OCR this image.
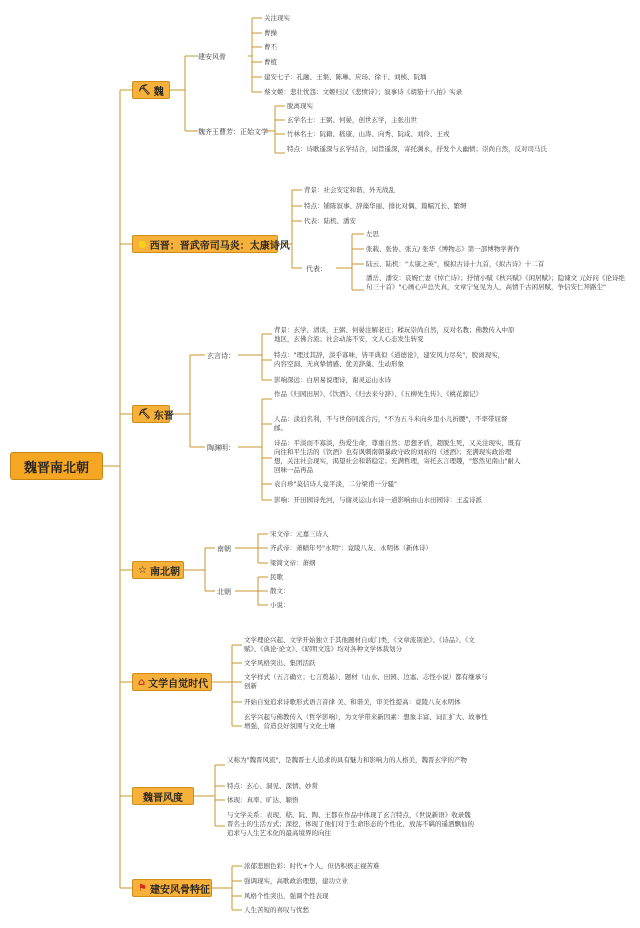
魏晋南北朝
⛏ 魏
建安风骨
关注现实
曹操
曹丕
曹植
建安七子：孔融、王粲、陈琳、应玚、徐干、刘桢、阮瑀
蔡文姬：悲壮忧怨：文姬归汉《悲愤诗》；叙事诗《胡笳十八拍》实录
魏齐王曹芳：正始文学
脱离现实
玄学名士：王弼、何晏，创世玄学，主张出世
竹林名士：阮籍、嵇康、山涛、向秀、阮咸、刘伶、王戎
特点：诗歌遥深与玄学结合，词旨遥深，寄托渊永，抒发个人幽愤；崇尚自然，反对司马氏
● 西晋：晋武帝司马炎：太康诗风
背景：社会安定和谐、外无战乱
特点：铺陈叙事、辞藻华丽、排比对偶、篇幅冗长、繁缛
代表：陆机、潘安
代表：
左思
张载、张协、张亢/ 张华《博物志》第一部博物学著作
陆云、陆机："太康之英"，模拟古诗十九首，《拟古诗》十二首
潘岳、潘安：哀婉亡妻《悼亡诗》；抒情小赋《秋兴赋》《闲居赋》；隐谏文 元好问《论诗绝句三十首》"心画心声总失真，文章宁复见为人，高情千古闲居赋，争信安仁拜路尘"
⛏ 东晋
玄言诗：
背景：玄学、清谈，王弼、何晏注解老庄；糅玩崇尚自然，反对名教；佛教传入中原地区，玄佛合流；社会动荡不安，文人心态发生转变
特点："理过其辞，淡乎寡味，皆平典似《道德论》，建安风力尽矣"，脱离现实，内容空洞、无真挚情感、优美辞藻、生动形象
影响深远：白居易说理诗，谢灵运山水诗
陶渊明：
作品《归园田居》、《饮酒》、《归去来兮辞》、《五柳先生传》、《桃花源记》
人品：淡泊名利，不与世俗同流合污，"不为五斗米向乡里小儿折腰"，不率带屈督邮。
诗品：平淡而不寡淡，热爱生命，尊重自然；思想矛盾，超脱生死，又关注现实，既有向往和平生活的《饮酒》也有讽刺南朝暴政守政的刘裕的《述酒》；充满现实政治理想，关注社会现实，渴望社会和谐稳定；充满哲理，寄托玄言理趣，"悠然见南山"耐人回味一品再品
袁自珍"莫信诗人竟平淡，二分梁甫一分骚"
影响：开田园诗先河，与谢灵运山水诗一道影响由山水田园诗：王孟诗派
☆ 南北朝
南朝
宋文帝：元嘉三诗人
齐武帝：萧赜年号"永明"：竟陵八友、永明体（新体诗）
梁简文帝：萧纲
北朝
民歌
散文：
小说：
⌂ 文学自觉时代
文学理论兴起、文学开始独立于其他题材自成门类，《文章流别论》、《诗品》、《文赋》、《典论·论文》、《昭明文选》均对各种文学体裁划分
文学风格突出、集团活跃
文学样式（五言确立；七言奠基）、题材（山水、田园、边塞、志怪小说）都有继承与创新
开始自觉追求诗歌形式语言音律 美、和谐美，审美性提高：竟陵八友永明体
玄学兴起与佛教传入（哲学影响），为文学带来新因素：想象丰富、词汇扩大、故事性增强、营造良好氛围与文化土壤
魏晋风度
又称为"魏晋风流"，是魏晋士人追求的具有魅力和影响力的人格美，魏晋玄学的产物
特点：玄心、洞见、深情、妙赏
体现：真率、旷达、颖悟
与文学关系：表现，嵇、阮、陶、王都在作品中体现了玄言特点，《世说新语》收录魏晋名士的生活方式；深挖，体现了他们对于生命形态的个性化、放荡不羁的遥洒飘仙的追求与人生艺术化的最高境界的向往
⚑ 建安风骨特征
浓郁悲剧色彩：时代+个人，但仍积极正视苦难
强调现实，高歌政治理想，建功立业
风格个性突出，强调个性表现
人生苦短的喜叹与忧愁
